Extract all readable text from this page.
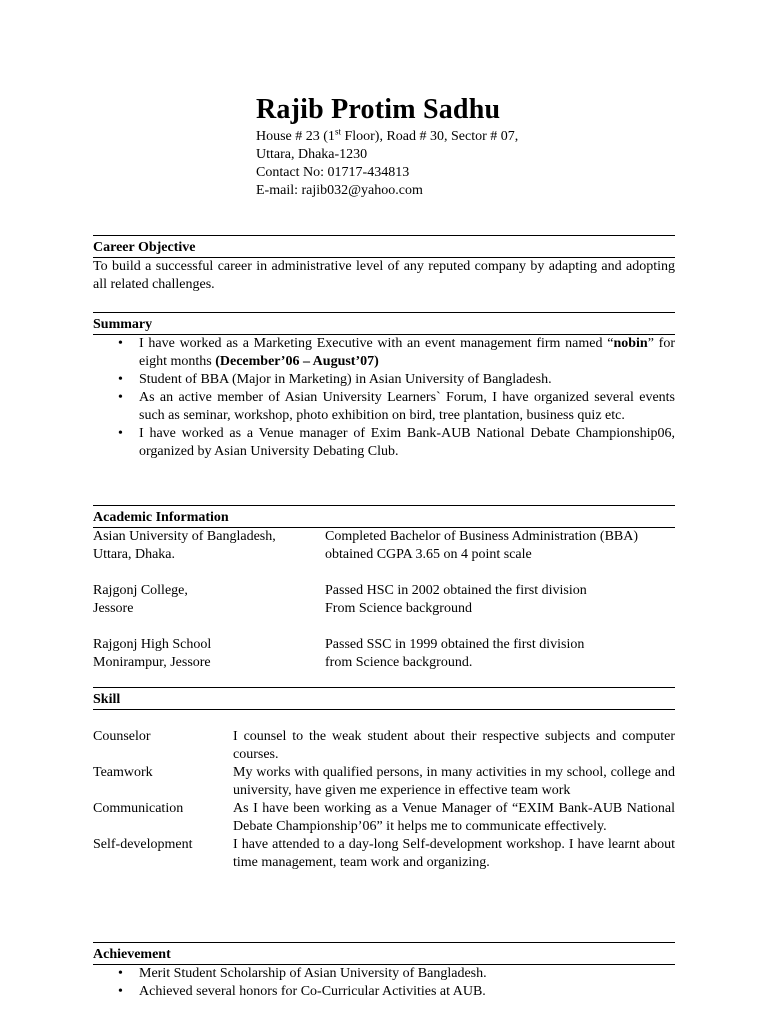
Rajib Protim Sadhu
House # 23 (1st Floor), Road # 30, Sector # 07,
Uttara, Dhaka-1230
Contact No: 01717-434813
E-mail: rajib032@yahoo.com
Career Objective

To build a successful career in administrative level of any reputed company by adapting and adopting all related challenges.

Summary
• I have worked as a Marketing Executive with an event management firm named “nobin” for eight months (December’06 – August’07)
• Student of BBA (Major in Marketing) in Asian University of Bangladesh.
• As an active member of Asian University Learners` Forum, I have organized several events such as seminar, workshop, photo exhibition on bird, tree plantation, business quiz etc.
• I have worked as a Venue manager of Exim Bank-AUB National Debate Championship06, organized by Asian University Debating Club.
Academic Information
Asian University of Bangladesh,	Completed Bachelor of Business Administration (BBA)
Uttara, Dhaka.	obtained CGPA 3.65 on 4 point scale
Rajgonj College,	Passed HSC in 2002 obtained the first division
Jessore	From Science background
Rajgonj High School	Passed SSC in 1999 obtained the first division
Monirampur, Jessore	from Science background.
Skill
Counselor	I counsel to the weak student about their respective subjects and computer courses.
Teamwork	My works with qualified persons, in many activities in my school, college and university, have given me experience in effective team work
Communication	As I have been working as a Venue Manager of “EXIM Bank-AUB National Debate Championship’06” it helps me to communicate effectively.
Self-development	I have attended to a day-long Self-development workshop. I have learnt about time management, team work and organizing.
Achievement
• Merit Student Scholarship of Asian University of Bangladesh.
• Achieved several honors for Co-Curricular Activities at AUB.
